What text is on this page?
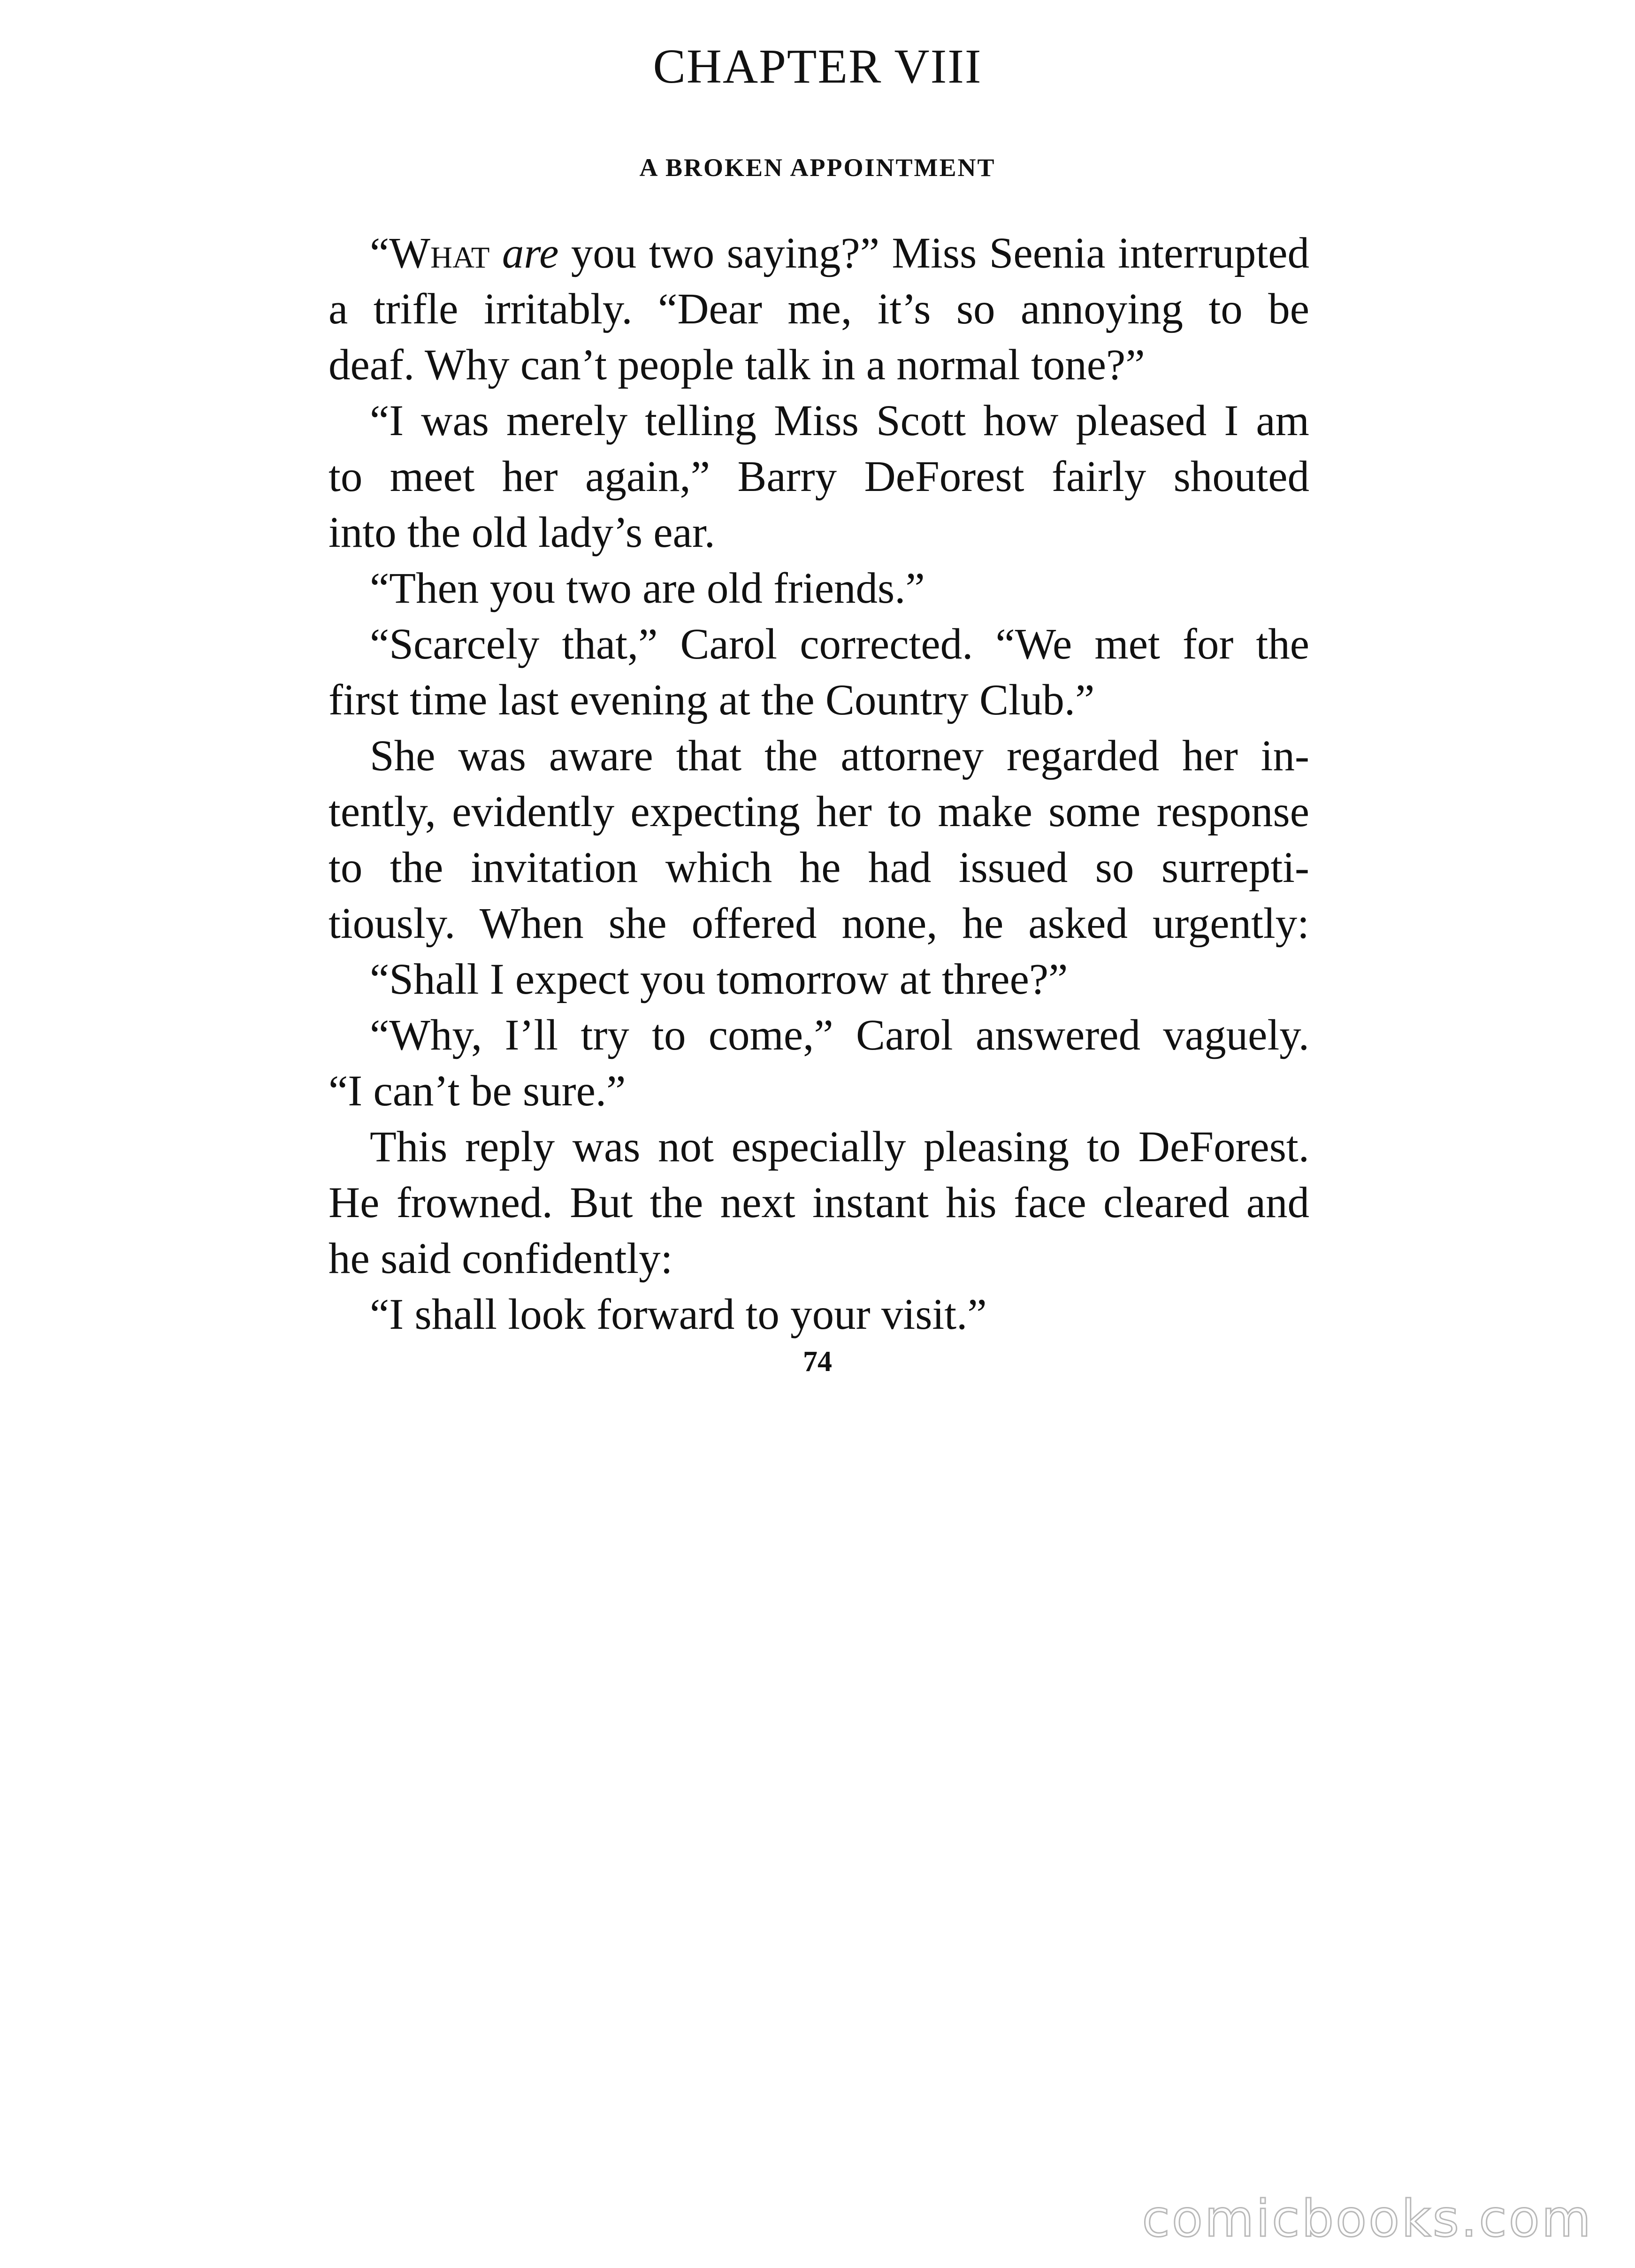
CHAPTER VIII
A BROKEN APPOINTMENT
“What are you two saying?” Miss Seenia interrupted
a trifle irritably. “Dear me, it’s so annoying to be
deaf. Why can’t people talk in a normal tone?”
“I was merely telling Miss Scott how pleased I am
to meet her again,” Barry DeForest fairly shouted
into the old lady’s ear.
“Then you two are old friends.”
“Scarcely that,” Carol corrected. “We met for the
first time last evening at the Country Club.”
She was aware that the attorney regarded her in-
tently, evidently expecting her to make some response
to the invitation which he had issued so surrepti-
tiously. When she offered none, he asked urgently:
“Shall I expect you tomorrow at three?”
“Why, I’ll try to come,” Carol answered vaguely.
“I can’t be sure.”
This reply was not especially pleasing to DeForest.
He frowned. But the next instant his face cleared and
he said confidently:
“I shall look forward to your visit.”
74
comicbooks.com
